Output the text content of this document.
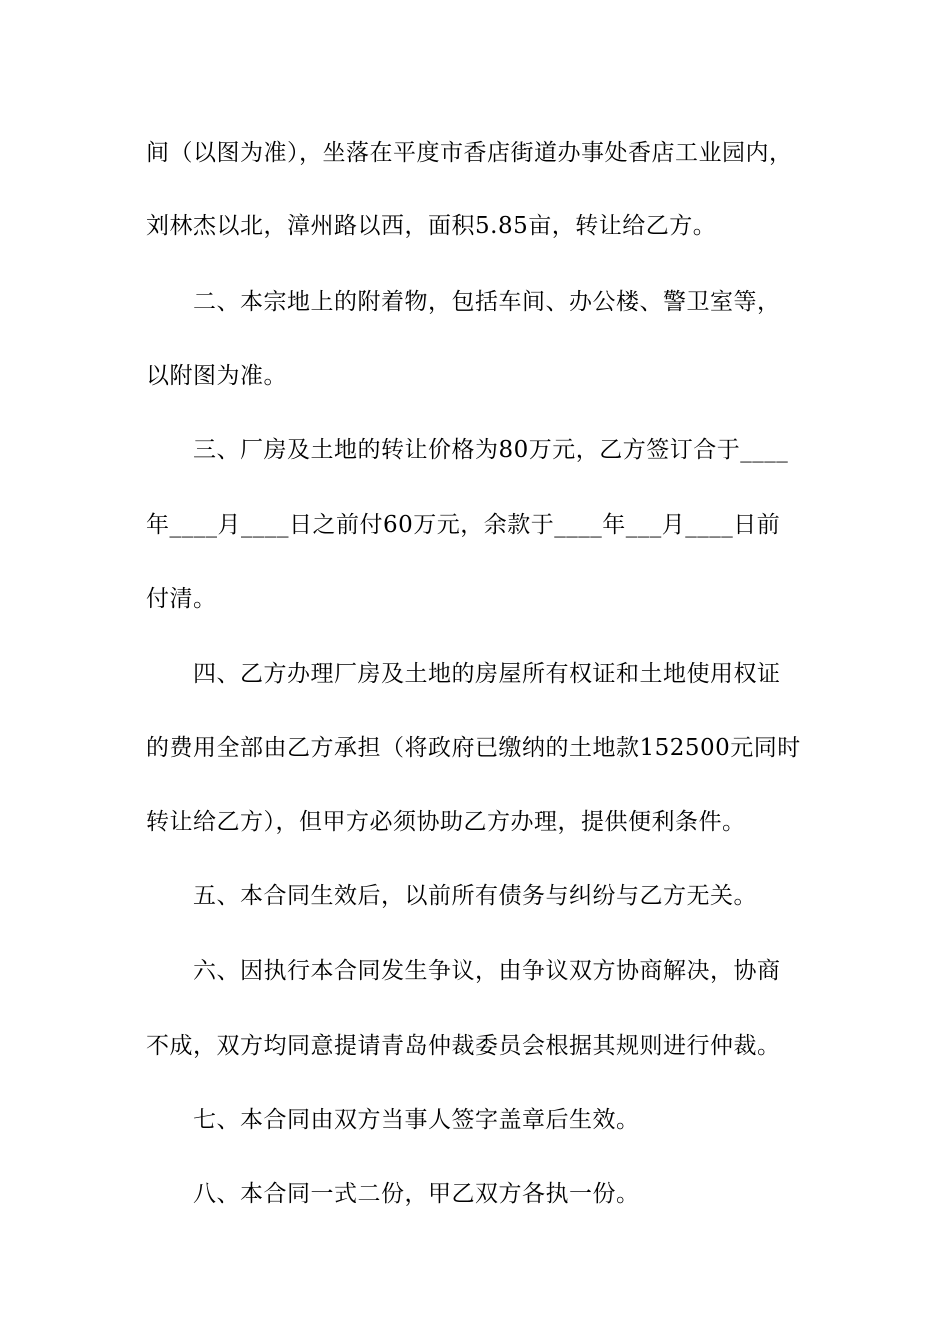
间（以图为准），坐落在平度市香店街道办事处香店工业园内，
刘林杰以北，漳州路以西，面积5.85亩，转让给乙方。
二、本宗地上的附着物，包括车间、办公楼、警卫室等，
以附图为准。
三、厂房及土地的转让价格为80万元，乙方签订合于____
年____月____日之前付60万元，余款于____年___月____日前
付清。
四、乙方办理厂房及土地的房屋所有权证和土地使用权证
的费用全部由乙方承担（将政府已缴纳的土地款152500元同时
转让给乙方），但甲方必须协助乙方办理，提供便利条件。
五、本合同生效后，以前所有债务与纠纷与乙方无关。
六、因执行本合同发生争议，由争议双方协商解决，协商
不成，双方均同意提请青岛仲裁委员会根据其规则进行仲裁。
七、本合同由双方当事人签字盖章后生效。
八、本合同一式二份，甲乙双方各执一份。
